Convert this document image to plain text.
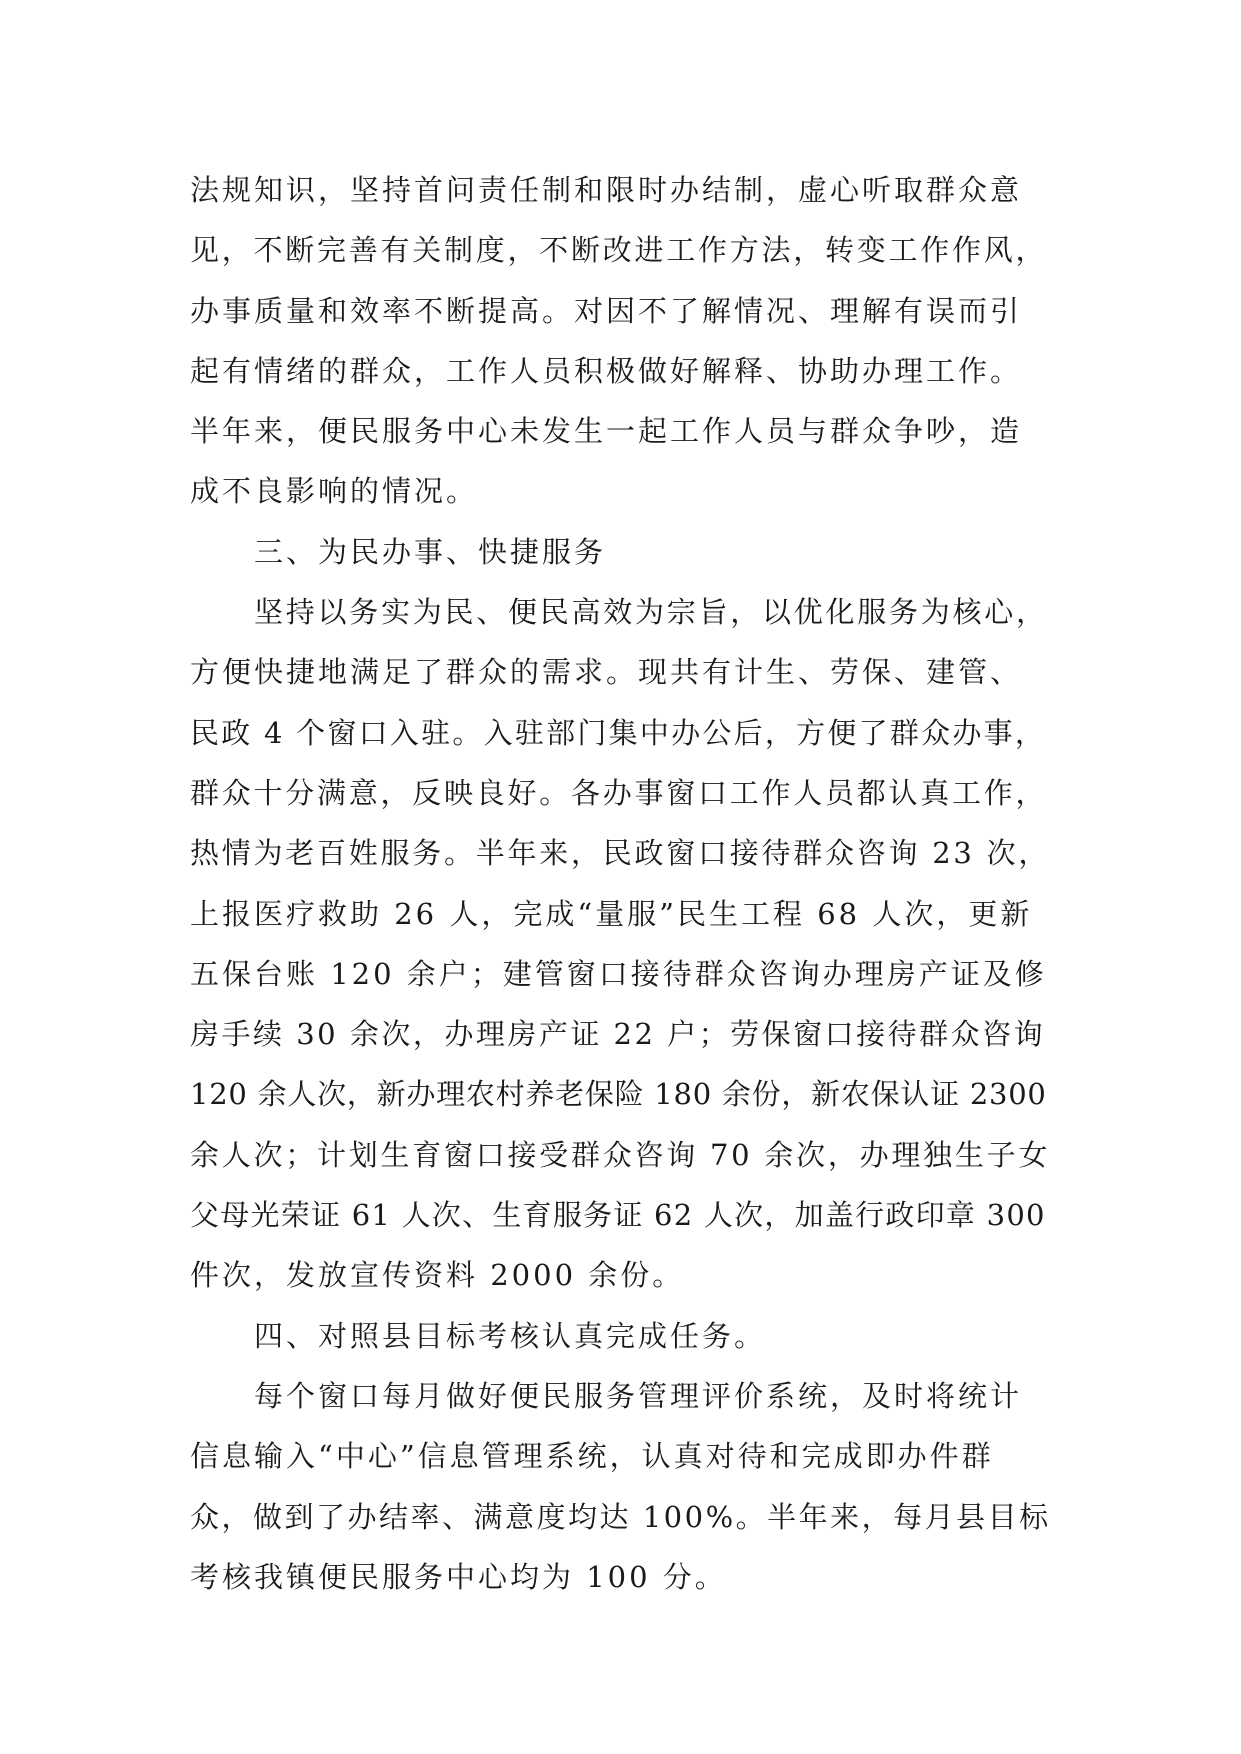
法规知识，坚持首问责任制和限时办结制，虚心听取群众意
见，不断完善有关制度，不断改进工作方法，转变工作作风，
办事质量和效率不断提高。对因不了解情况、理解有误而引
起有情绪的群众，工作人员积极做好解释、协助办理工作。
半年来，便民服务中心未发生一起工作人员与群众争吵，造
成不良影响的情况。
三、为民办事、快捷服务
坚持以务实为民、便民高效为宗旨，以优化服务为核心，
方便快捷地满足了群众的需求。现共有计生、劳保、建管、
民政 4 个窗口入驻。入驻部门集中办公后，方便了群众办事，
群众十分满意，反映良好。各办事窗口工作人员都认真工作，
热情为老百姓服务。半年来，民政窗口接待群众咨询 23 次，
上报医疗救助 26 人，完成“量服”民生工程 68 人次，更新
五保台账 120 余户；建管窗口接待群众咨询办理房产证及修
房手续 30 余次，办理房产证 22 户；劳保窗口接待群众咨询
120 余人次，新办理农村养老保险 180 余份，新农保认证 2300
余人次；计划生育窗口接受群众咨询 70 余次，办理独生子女
父母光荣证 61 人次、生育服务证 62 人次，加盖行政印章 300
件次，发放宣传资料 2000 余份。
四、对照县目标考核认真完成任务。
每个窗口每月做好便民服务管理评价系统，及时将统计
信息输入“中心”信息管理系统，认真对待和完成即办件群
众，做到了办结率、满意度均达 100%。半年来，每月县目标
考核我镇便民服务中心均为 100 分。
